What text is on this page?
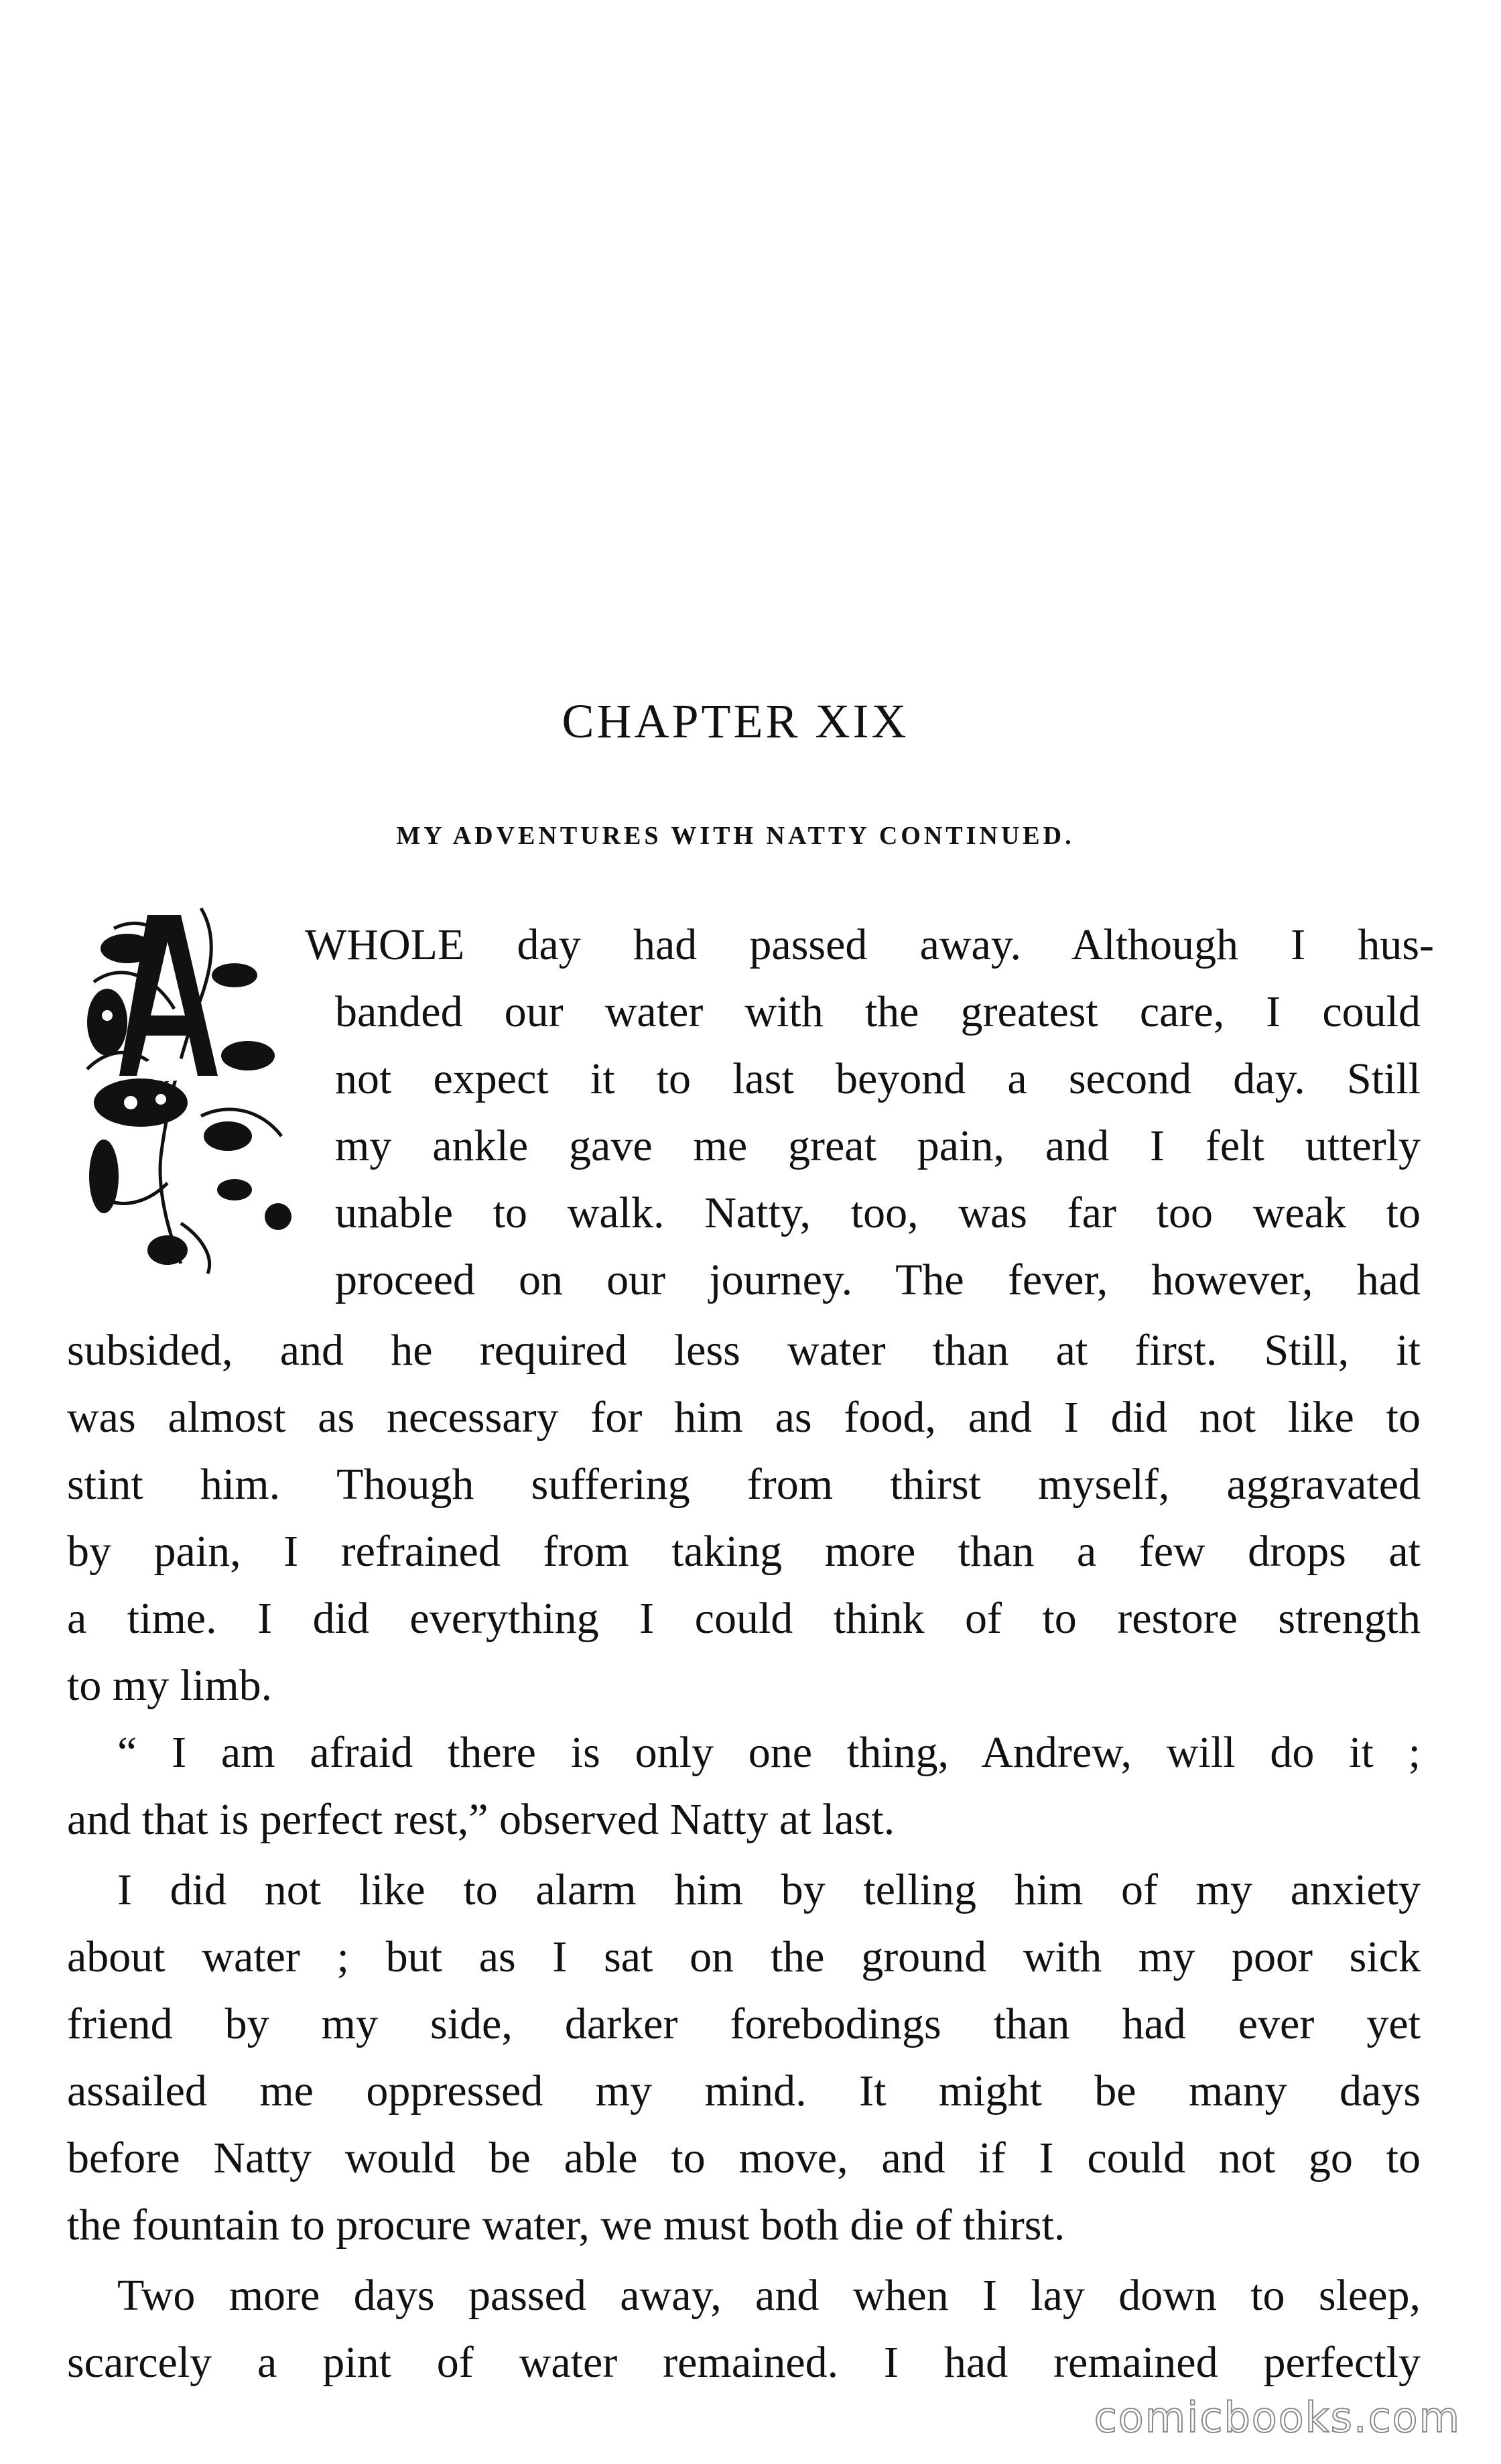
CHAPTER XIX
MY ADVENTURES WITH NATTY CONTINUED.

WHOLE day had passed away. Although I hus-

banded our water with the greatest care, I could

not expect it to last beyond a second day. Still

my ankle gave me great pain, and I felt utterly

unable to walk. Natty, too, was far too weak to

proceed on our journey. The fever, however, had

subsided, and he required less water than at first. Still, it

was almost as necessary for him as food, and I did not like to

stint him. Though suffering from thirst myself, aggravated

by pain, I refrained from taking more than a few drops at

a time. I did everything I could think of to restore strength

to my limb.

“ I am afraid there is only one thing, Andrew, will do it ;

and that is perfect rest,” observed Natty at last.

I did not like to alarm him by telling him of my anxiety

about water ; but as I sat on the ground with my poor sick

friend by my side, darker forebodings than had ever yet

assailed me oppressed my mind. It might be many days

before Natty would be able to move, and if I could not go to

the fountain to procure water, we must both die of thirst.

Two more days passed away, and when I lay down to sleep,

scarcely a pint of water remained. I had remained perfectly

comicbooks.com
